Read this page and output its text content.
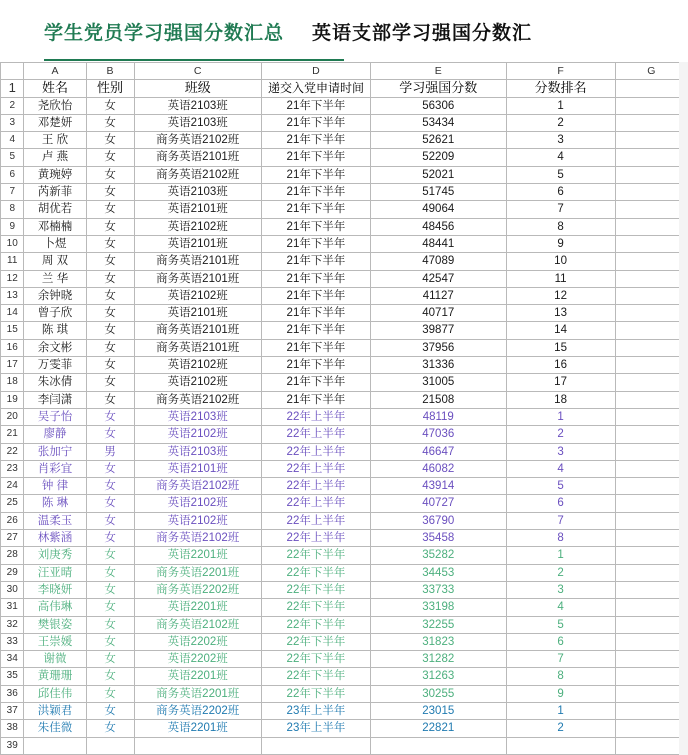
学生党员学习强国分数汇总 英语支部学习强国分数汇
	A	B	C	D	E	F	G
1	姓名	性别	班级	递交入党申请时间	学习强国分数	分数排名	
2	尧欣怡	女	英语2103班	21年下半年	56306	1	
3	邓楚妍	女	英语2103班	21年下半年	53434	2	
4	王 欣	女	商务英语2102班	21年下半年	52621	3	
5	卢 燕	女	商务英语2101班	21年下半年	52209	4	
6	黄琬婷	女	商务英语2102班	21年下半年	52021	5	
7	芮新菲	女	英语2103班	21年下半年	51745	6	
8	胡优若	女	英语2101班	21年下半年	49064	7	
9	邓楠楠	女	英语2102班	21年下半年	48456	8	
10	卜煜	女	英语2101班	21年下半年	48441	9	
11	周 双	女	商务英语2101班	21年下半年	47089	10	
12	兰 华	女	商务英语2101班	21年下半年	42547	11	
13	余钟晓	女	英语2102班	21年下半年	41127	12	
14	曾子欣	女	英语2101班	21年下半年	40717	13	
15	陈 琪	女	商务英语2101班	21年下半年	39877	14	
16	余文彬	女	商务英语2101班	21年下半年	37956	15	
17	万雯菲	女	英语2102班	21年下半年	31336	16	
18	朱冰倩	女	英语2102班	21年下半年	31005	17	
19	李闫潇	女	商务英语2102班	21年下半年	21508	18	
20	吴子怡	女	英语2103班	22年上半年	48119	1	
21	廖静	女	英语2102班	22年上半年	47036	2	
22	张加宁	男	英语2103班	22年上半年	46647	3	
23	肖彩宜	女	英语2101班	22年上半年	46082	4	
24	钟 律	女	商务英语2102班	22年上半年	43914	5	
25	陈 琳	女	英语2102班	22年上半年	40727	6	
26	温柔玉	女	英语2102班	22年上半年	36790	7	
27	林紫涵	女	商务英语2102班	22年上半年	35458	8	
28	刘庚秀	女	英语2201班	22年下半年	35282	1	
29	汪亚晴	女	商务英语2201班	22年下半年	34453	2	
30	李晓妍	女	商务英语2202班	22年下半年	33733	3	
31	高伟琳	女	英语2201班	22年下半年	33198	4	
32	樊银姿	女	商务英语2102班	22年下半年	32255	5	
33	王崇媛	女	英语2202班	22年下半年	31823	6	
34	谢微	女	英语2202班	22年下半年	31282	7	
35	黄珊珊	女	英语2201班	22年下半年	31263	8	
36	邱佳伟	女	商务英语2201班	22年下半年	30255	9	
37	洪颖君	女	商务英语2202班	23年上半年	23015	1	
38	朱佳微	女	英语2201班	23年上半年	22821	2	
39							
